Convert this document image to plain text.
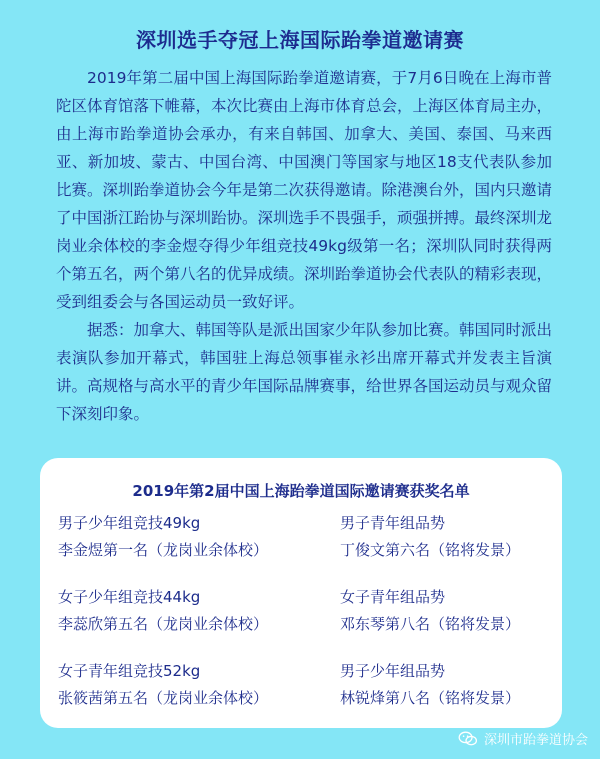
深圳选手夺冠上海国际跆拳道邀请赛

2019年第二届中国上海国际跆拳道邀请赛，于7月6日晚在上海市普陀区体育馆落下帷幕，本次比赛由上海市体育总会，上海区体育局主办，由上海市跆拳道协会承办，有来自韩国、加拿大、美国、泰国、马来西亚、新加坡、蒙古、中国台湾、中国澳门等国家与地区18支代表队参加比赛。深圳跆拳道协会今年是第二次获得邀请。除港澳台外，国内只邀请了中国浙江跆协与深圳跆协。深圳选手不畏强手，顽强拼搏。最终深圳龙岗业余体校的李金煜夺得少年组竞技49kg级第一名；深圳队同时获得两个第五名，两个第八名的优异成绩。深圳跆拳道协会代表队的精彩表现，受到组委会与各国运动员一致好评。

据悉：加拿大、韩国等队是派出国家少年队参加比赛。韩国同时派出表演队参加开幕式，韩国驻上海总领事崔永衫出席开幕式并发表主旨演讲。高规格与高水平的青少年国际品牌赛事，给世界各国运动员与观众留下深刻印象。

2019年第2届中国上海跆拳道国际邀请赛获奖名单
男子少年组竞技49kg
李金煜第一名（龙岗业余体校）
男子青年组品势
丁俊文第六名（铭将发景）
女子少年组竞技44kg
李蕊欣第五名（龙岗业余体校）
女子青年组品势
邓东琴第八名（铭将发景）
女子青年组竞技52kg
张筱茜第五名（龙岗业余体校）
男子少年组品势
林锐烽第八名（铭将发景）
深圳市跆拳道协会
